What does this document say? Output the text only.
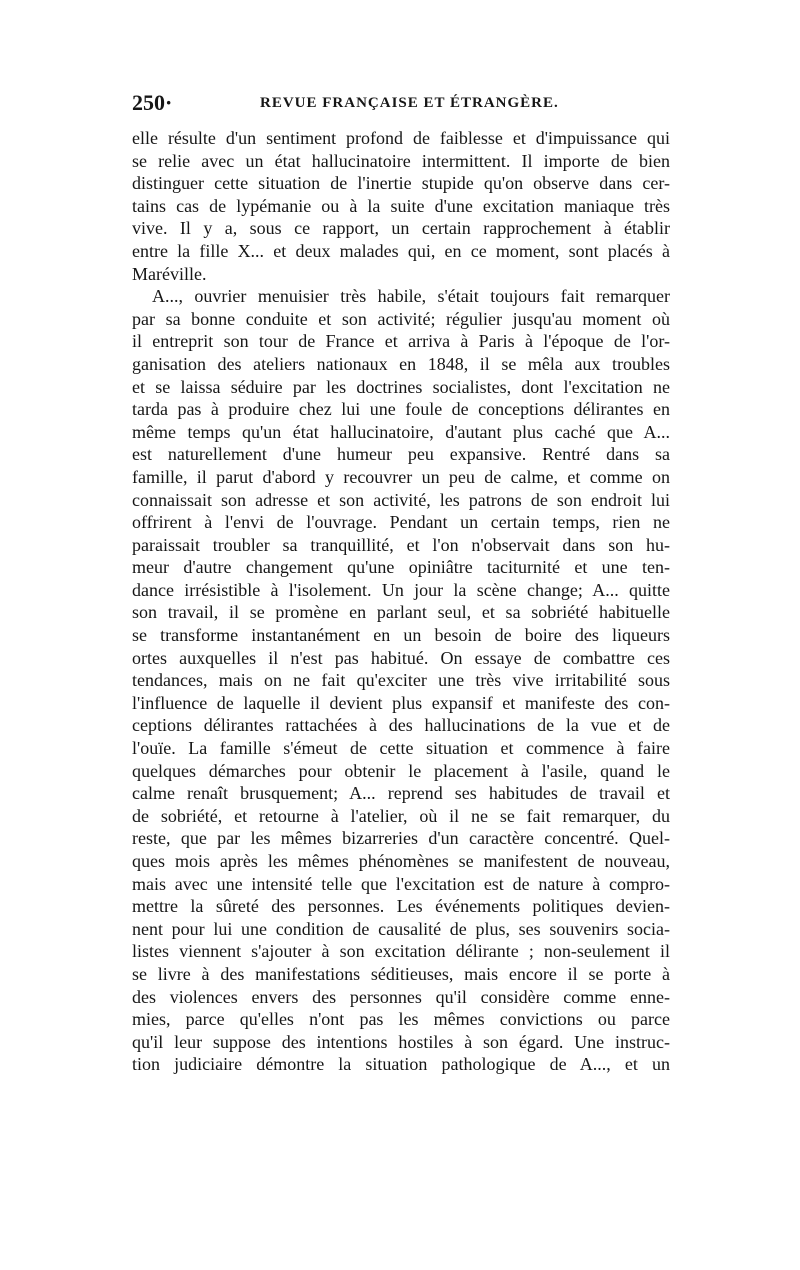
250·	REVUE FRANÇAISE ET ÉTRANGÈRE.
elle résulte d'un sentiment profond de faiblesse et d'impuissance qui
se relie avec un état hallucinatoire intermittent. Il importe de bien
distinguer cette situation de l'inertie stupide qu'on observe dans cer-
tains cas de lypémanie ou à la suite d'une excitation maniaque très
vive. Il y a, sous ce rapport, un certain rapprochement à établir
entre la fille X... et deux malades qui, en ce moment, sont placés à
Maréville.
A..., ouvrier menuisier très habile, s'était toujours fait remarquer
par sa bonne conduite et son activité; régulier jusqu'au moment où
il entreprit son tour de France et arriva à Paris à l'époque de l'or-
ganisation des ateliers nationaux en 1848, il se mêla aux troubles
et se laissa séduire par les doctrines socialistes, dont l'excitation ne
tarda pas à produire chez lui une foule de conceptions délirantes en
même temps qu'un état hallucinatoire, d'autant plus caché que A...
est naturellement d'une humeur peu expansive. Rentré dans sa
famille, il parut d'abord y recouvrer un peu de calme, et comme on
connaissait son adresse et son activité, les patrons de son endroit lui
offrirent à l'envi de l'ouvrage. Pendant un certain temps, rien ne
paraissait troubler sa tranquillité, et l'on n'observait dans son hu-
meur d'autre changement qu'une opiniâtre taciturnité et une ten-
dance irrésistible à l'isolement. Un jour la scène change; A... quitte
son travail, il se promène en parlant seul, et sa sobriété habituelle
se transforme instantanément en un besoin de boire des liqueurs
ortes auxquelles il n'est pas habitué. On essaye de combattre ces
tendances, mais on ne fait qu'exciter une très vive irritabilité sous
l'influence de laquelle il devient plus expansif et manifeste des con-
ceptions délirantes rattachées à des hallucinations de la vue et de
l'ouïe. La famille s'émeut de cette situation et commence à faire
quelques démarches pour obtenir le placement à l'asile, quand le
calme renaît brusquement; A... reprend ses habitudes de travail et
de sobriété, et retourne à l'atelier, où il ne se fait remarquer, du
reste, que par les mêmes bizarreries d'un caractère concentré. Quel-
ques mois après les mêmes phénomènes se manifestent de nouveau,
mais avec une intensité telle que l'excitation est de nature à compro-
mettre la sûreté des personnes. Les événements politiques devien-
nent pour lui une condition de causalité de plus, ses souvenirs socia-
listes viennent s'ajouter à son excitation délirante ; non-seulement il
se livre à des manifestations séditieuses, mais encore il se porte à
des violences envers des personnes qu'il considère comme enne-
mies, parce qu'elles n'ont pas les mêmes convictions ou parce
qu'il leur suppose des intentions hostiles à son égard. Une instruc-
tion judiciaire démontre la situation pathologique de A..., et un
